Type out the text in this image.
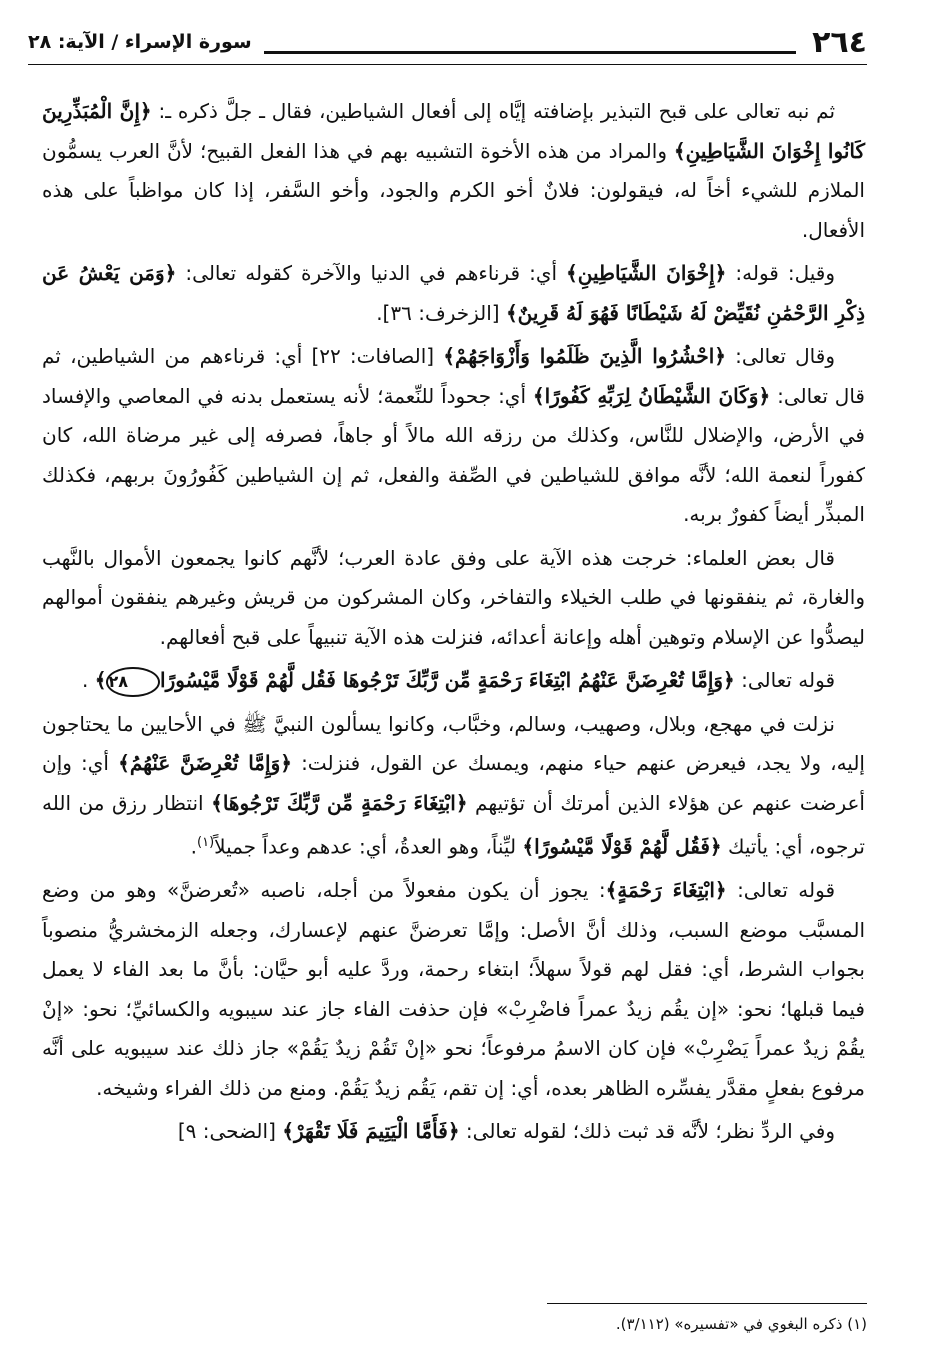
٢٦٤
سورة الإسراء / الآية: ٢٨

ثم نبه تعالى على قبح التبذير بإضافته إيَّاه إلى أفعال الشياطين، فقال ـ جلَّ ذكره ـ: ﴿إِنَّ الْمُبَذِّرِينَ كَانُوا إِخْوَانَ الشَّيَاطِينِ﴾ والمراد من هذه الأخوة التشبيه بهم في هذا الفعل القبيح؛ لأنَّ العرب يسمُّون الملازم للشيء أخاً له، فيقولون: فلانٌ أخو الكرم والجود، وأخو السَّفر، إذا كان مواظباً على هذه الأفعال.

وقيل: قوله: ﴿إِخْوَانَ الشَّيَاطِينِ﴾ أي: قرناءهم في الدنيا والآخرة كقوله تعالى: ﴿وَمَن يَعْشُ عَن ذِكْرِ الرَّحْمَٰنِ نُقَيِّضْ لَهُ شَيْطَانًا فَهُوَ لَهُ قَرِينٌ﴾ [الزخرف: ٣٦].

وقال تعالى: ﴿احْشُرُوا الَّذِينَ ظَلَمُوا وَأَزْوَاجَهُمْ﴾ [الصافات: ٢٢] أي: قرناءهم من الشياطين، ثم قال تعالى: ﴿وَكَانَ الشَّيْطَانُ لِرَبِّهِ كَفُورًا﴾ أي: جحوداً للنِّعمة؛ لأنه يستعمل بدنه في المعاصي والإفساد في الأرض، والإضلال للنَّاس، وكذلك من رزقه الله مالاً أو جاهاً، فصرفه إلى غير مرضاة الله، كان كفوراً لنعمة الله؛ لأنَّه موافق للشياطين في الصِّفة والفعل، ثم إن الشياطين كَفُورُونَ بربهم، فكذلك المبذِّر أيضاً كفورٌ بربه.

قال بعض العلماء: خرجت هذه الآية على وفق عادة العرب؛ لأنَّهم كانوا يجمعون الأموال بالنَّهب والغارة، ثم ينفقونها في طلب الخيلاء والتفاخر، وكان المشركون من قريش وغيرهم ينفقون أموالهم ليصدُّوا عن الإسلام وتوهين أهله وإعانة أعدائه، فنزلت هذه الآية تنبيهاً على قبح أفعالهم.

قوله تعالى: ﴿وَإِمَّا تُعْرِضَنَّ عَنْهُمُ ابْتِغَاءَ رَحْمَةٍ مِّن رَّبِّكَ تَرْجُوهَا فَقُل لَّهُمْ قَوْلًا مَّيْسُورًا٢٨﴾ .

نزلت في مهجع، وبلال، وصهيب، وسالم، وخبَّاب، وكانوا يسألون النبيَّ ﷺ في الأحايين ما يحتاجون إليه، ولا يجد، فيعرض عنهم حياء منهم، ويمسك عن القول، فنزلت: ﴿وَإِمَّا تُعْرِضَنَّ عَنْهُمُ﴾ أي: وإن أعرضت عنهم عن هؤلاء الذين أمرتك أن تؤتيهم ﴿ابْتِغَاءَ رَحْمَةٍ مِّن رَّبِّكَ تَرْجُوهَا﴾ انتظار رزق من الله ترجوه، أي: يأتيك ﴿فَقُل لَّهُمْ قَوْلًا مَّيْسُورًا﴾ ليِّناً، وهو العدةُ، أي: عدهم وعداً جميلاً$^{(١)}$.

قوله تعالى: ﴿ابْتِغَاءَ رَحْمَةٍ﴾: يجوز أن يكون مفعولاً من أجله، ناصبه «تُعرضنَّ» وهو من وضع المسبَّب موضع السبب، وذلك أنَّ الأصل: وإمَّا تعرضنَّ عنهم لإعسارك، وجعله الزمخشريُّ منصوباً بجواب الشرط، أي: فقل لهم قولاً سهلاً؛ ابتغاء رحمة، وردَّ عليه أبو حيَّان: بأنَّ ما بعد الفاء لا يعمل فيما قبلها؛ نحو: «إن يقُم زيدٌ عمراً فاضْرِبْ» فإن حذفت الفاء جاز عند سيبويه والكسائيِّ؛ نحو: «إنْ يقُمْ زيدٌ عمراً يَضْرِبْ» فإن كان الاسمُ مرفوعاً؛ نحو «إنْ تَقُمْ زيدٌ يَقُمْ» جاز ذلك عند سيبويه على أنَّه مرفوع بفعلٍ مقدَّر يفسِّره الظاهر بعده، أي: إن تقم، يَقُم زيدٌ يَقُمْ. ومنع من ذلك الفراء وشيخه.

وفي الردِّ نظر؛ لأنَّه قد ثبت ذلك؛ لقوله تعالى: ﴿فَأَمَّا الْيَتِيمَ فَلَا تَقْهَرْ﴾ [الضحى: ٩]

(١) ذكره البغوي في «تفسيره» (٣/١١٢).
